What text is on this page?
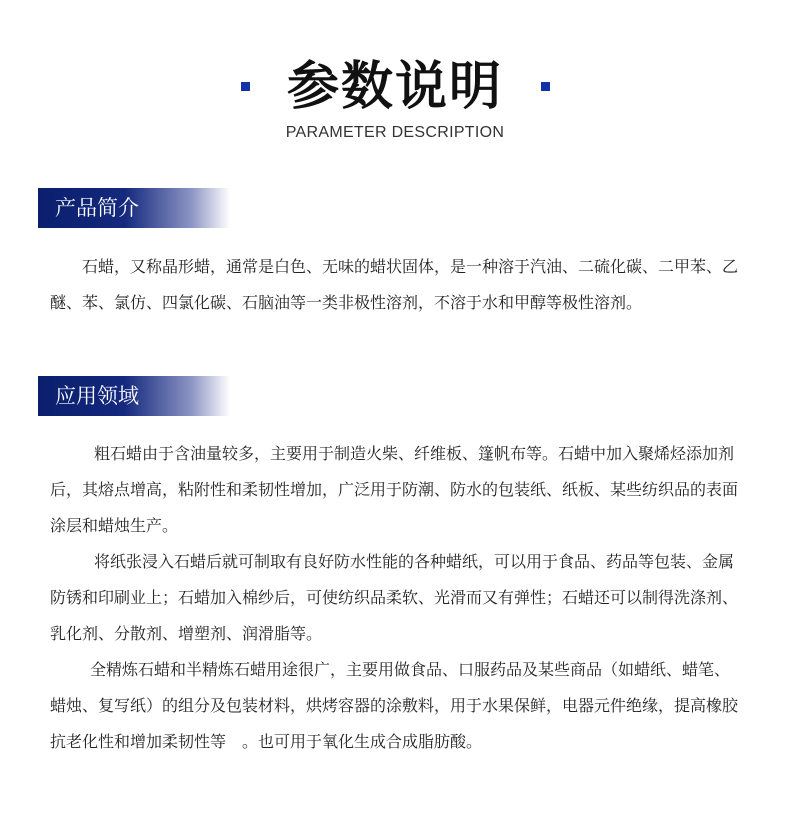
参数说明
PARAMETER DESCRIPTION
产品简介

石蜡，又称晶形蜡，通常是白色、无味的蜡状固体，是一种溶于汽油、二硫化碳、二甲苯、乙醚、苯、氯仿、四氯化碳、石脑油等一类非极性溶剂，不溶于水和甲醇等极性溶剂。

应用领域

粗石蜡由于含油量较多，主要用于制造火柴、纤维板、篷帆布等。石蜡中加入聚烯烃添加剂后，其熔点增高，粘附性和柔韧性增加，广泛用于防潮、防水的包装纸、纸板、某些纺织品的表面涂层和蜡烛生产。

将纸张浸入石蜡后就可制取有良好防水性能的各种蜡纸，可以用于食品、药品等包装、金属防锈和印刷业上；石蜡加入棉纱后，可使纺织品柔软、光滑而又有弹性；石蜡还可以制得洗涤剂、乳化剂、分散剂、增塑剂、润滑脂等。

全精炼石蜡和半精炼石蜡用途很广，主要用做食品、口服药品及某些商品（如蜡纸、蜡笔、蜡烛、复写纸）的组分及包装材料，烘烤容器的涂敷料，用于水果保鲜，电器元件绝缘，提高橡胶抗老化性和增加柔韧性等　。也可用于氧化生成合成脂肪酸。
